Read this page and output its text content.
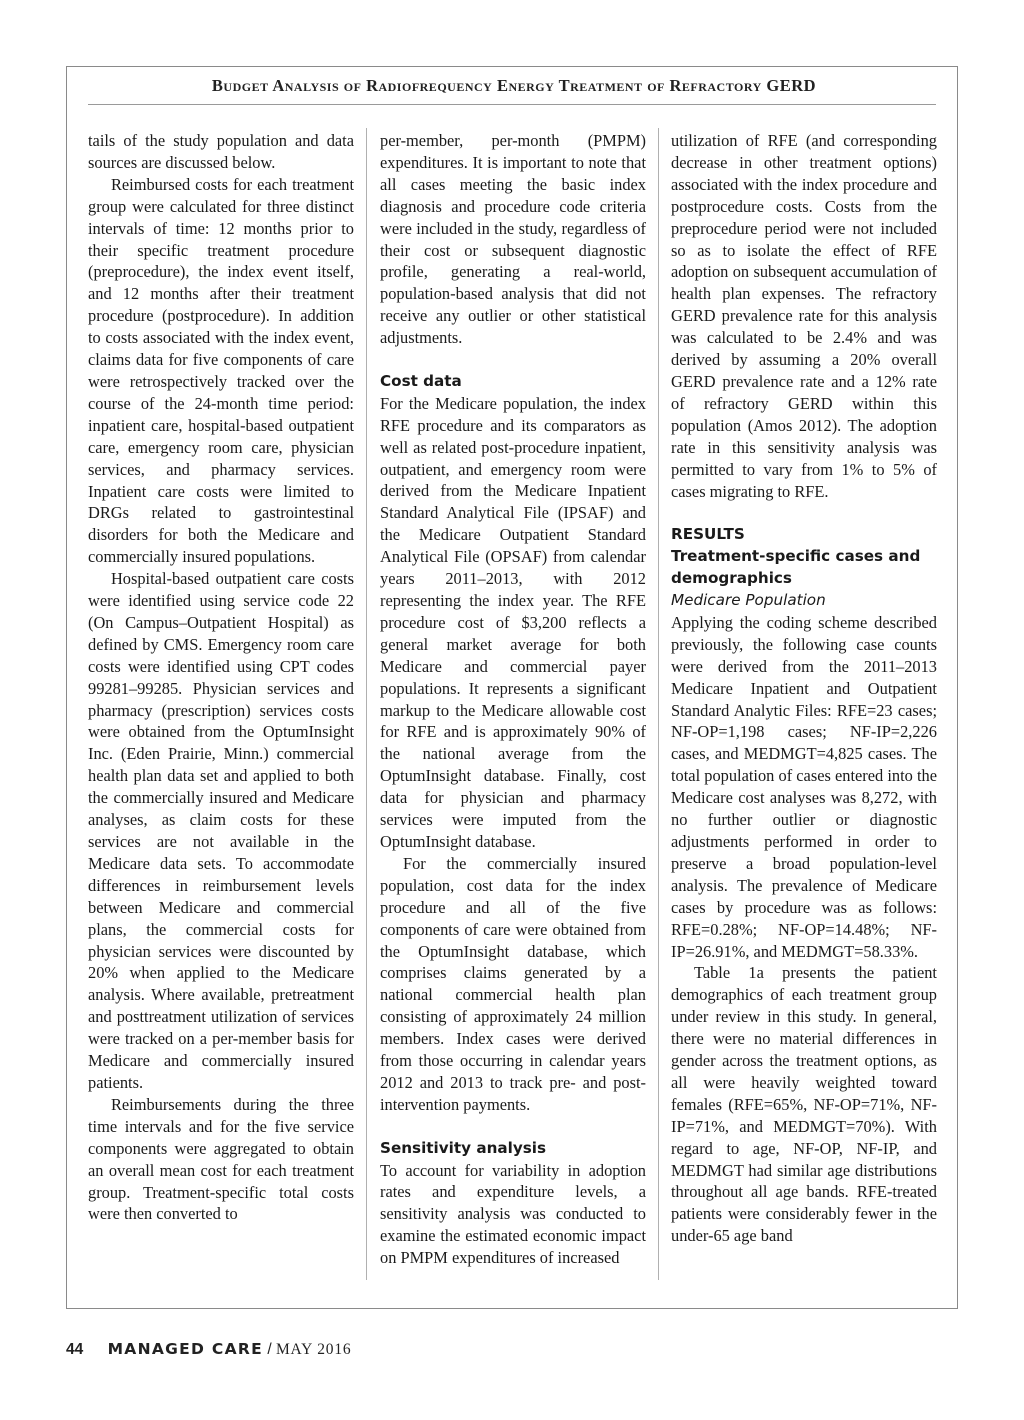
Budget Analysis of Radiofrequency Energy Treatment of Refractory GERD

tails of the study population and data sources are discussed below.

Reimbursed costs for each treatment group were calculated for three distinct intervals of time: 12 months prior to their specific treatment procedure (preprocedure), the index event itself, and 12 months after their treatment procedure (postprocedure). In addition to costs associated with the index event, claims data for five components of care were retrospectively tracked over the course of the 24-month time period: inpatient care, hospital-based outpatient care, emergency room care, physician services, and pharmacy services. Inpatient care costs were limited to DRGs related to gastrointestinal disorders for both the Medicare and commercially insured populations.

Hospital-based outpatient care costs were identified using service code 22 (On Campus–Outpatient Hospital) as defined by CMS. Emergency room care costs were identified using CPT codes 99281–99285. Physician services and pharmacy (prescription) services costs were obtained from the OptumInsight Inc. (Eden Prairie, Minn.) commercial health plan data set and applied to both the commercially insured and Medicare analyses, as claim costs for these services are not available in the Medicare data sets. To accommodate differences in reimbursement levels between Medicare and commercial plans, the commercial costs for physician services were discounted by 20% when applied to the Medicare analysis. Where available, pretreatment and posttreatment utilization of services were tracked on a per-member basis for Medicare and commercially insured patients.

Reimbursements during the three time intervals and for the five service components were aggregated to obtain an overall mean cost for each treatment group. Treatment-specific total costs were then converted to

per-member, per-month (PMPM) expenditures. It is important to note that all cases meeting the basic index diagnosis and procedure code criteria were included in the study, regardless of their cost or subsequent diagnostic profile, generating a real-world, population-based analysis that did not receive any outlier or other statistical adjustments.

Cost data

For the Medicare population, the index RFE procedure and its comparators as well as related post-procedure inpatient, outpatient, and emergency room were derived from the Medicare Inpatient Standard Analytical File (IPSAF) and the Medicare Outpatient Standard Analytical File (OPSAF) from calendar years 2011–2013, with 2012 representing the index year. The RFE procedure cost of $3,200 reflects a general market average for both Medicare and commercial payer populations. It represents a significant markup to the Medicare allowable cost for RFE and is approximately 90% of the national average from the OptumInsight database. Finally, cost data for physician and pharmacy services were imputed from the OptumInsight database.

For the commercially insured population, cost data for the index procedure and all of the five components of care were obtained from the OptumInsight database, which comprises claims generated by a national commercial health plan consisting of approximately 24 million members. Index cases were derived from those occurring in calendar years 2012 and 2013 to track pre- and post-intervention payments.

Sensitivity analysis

To account for variability in adoption rates and expenditure levels, a sensitivity analysis was conducted to examine the estimated economic impact on PMPM expenditures of increased

utilization of RFE (and corresponding decrease in other treatment options) associated with the index procedure and postprocedure costs. Costs from the preprocedure period were not included so as to isolate the effect of RFE adoption on subsequent accumulation of health plan expenses. The refractory GERD prevalence rate for this analysis was calculated to be 2.4% and was derived by assuming a 20% overall GERD prevalence rate and a 12% rate of refractory GERD within this population (Amos 2012). The adoption rate in this sensitivity analysis was permitted to vary from 1% to 5% of cases migrating to RFE.

RESULTS
Treatment-specific cases and demographics
Medicare Population

Applying the coding scheme described previously, the following case counts were derived from the 2011–2013 Medicare Inpatient and Outpatient Standard Analytic Files: RFE=23 cases; NF-OP=1,198 cases; NF-IP=2,226 cases, and MEDMGT=4,825 cases. The total population of cases entered into the Medicare cost analyses was 8,272, with no further outlier or diagnostic adjustments performed in order to preserve a broad population-level analysis. The prevalence of Medicare cases by procedure was as follows: RFE=0.28%; NF-OP=14.48%; NF-IP=26.91%, and MEDMGT=58.33%.

Table 1a presents the patient demographics of each treatment group under review in this study. In general, there were no material differences in gender across the treatment options, as all were heavily weighted toward females (RFE=65%, NF-OP=71%, NF-IP=71%, and MEDMGT=70%). With regard to age, NF-OP, NF-IP, and MEDMGT had similar age distributions throughout all age bands. RFE-treated patients were considerably fewer in the under-65 age band

44 MANAGED CARE / MAY 2016
